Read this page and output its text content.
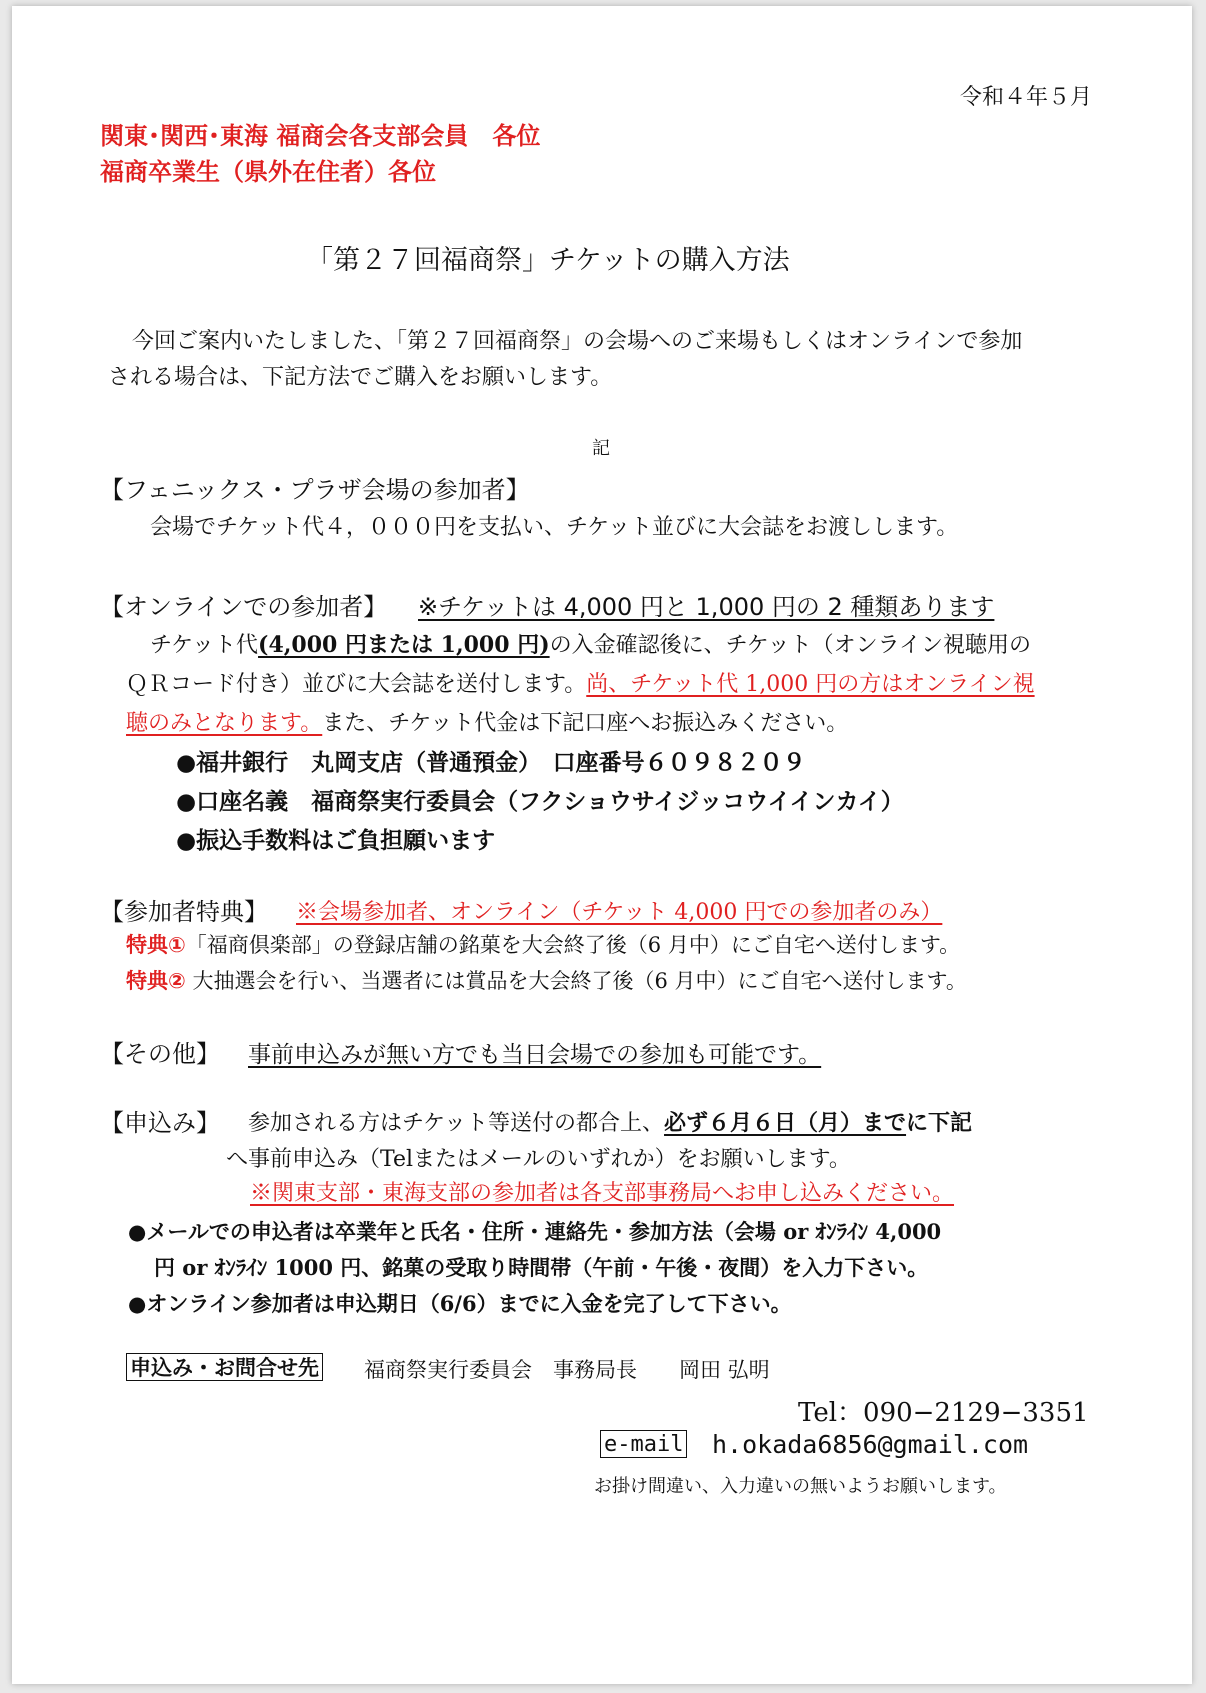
令和４年５月
関東･関西･東海 福商会各支部会員　各位
福商卒業生（県外在住者）各位
「第２７回福商祭」チケットの購入方法
今回ご案内いたしました、「第２７回福商祭」の会場へのご来場もしくはオンラインで参加
される場合は、下記方法でご購入をお願いします。
記
【フェニックス・プラザ会場の参加者】
会場でチケット代４，０００円を支払い、チケット並びに大会誌をお渡しします。
【オンラインでの参加者】 ※チケットは 4,000 円と 1,000 円の 2 種類あります
チケット代(4,000 円または 1,000 円)の入金確認後に、チケット（オンライン視聴用の
ＱＲコード付き）並びに大会誌を送付します。尚、チケット代 1,000 円の方はオンライン視
聴のみとなります。また、チケット代金は下記口座へお振込みください。
●福井銀行　丸岡支店（普通預金）　口座番号６０９８２０９
●口座名義　福商祭実行委員会（フクショウサイジッコウイインカイ）
●振込手数料はご負担願います
【参加者特典】 ※会場参加者、オンライン（チケット 4,000 円での参加者のみ）
特典①「福商倶楽部」の登録店舗の銘菓を大会終了後（6 月中）にご自宅へ送付します。
特典② 大抽選会を行い、当選者には賞品を大会終了後（6 月中）にご自宅へ送付します。
【その他】 事前申込みが無い方でも当日会場での参加も可能です。
【申込み】 参加される方はチケット等送付の都合上、必ず６月６日（月）までに下記
へ事前申込み（Telまたはメールのいずれか）をお願いします。
※関東支部・東海支部の参加者は各支部事務局へお申し込みください。
●メールでの申込者は卒業年と氏名・住所・連絡先・参加方法（会場 or ｵﾝﾗｲﾝ 4,000
円 or ｵﾝﾗｲﾝ 1000 円、銘菓の受取り時間帯（午前・午後・夜間）を入力下さい。
●オンライン参加者は申込期日（6/6）までに入金を完了して下さい。
申込み・お問合せ先 福商祭実行委員会　事務局長　　岡田 弘明
Tel：090−2129−3351
e-mail h.okada6856@gmail.com
お掛け間違い、入力違いの無いようお願いします。
